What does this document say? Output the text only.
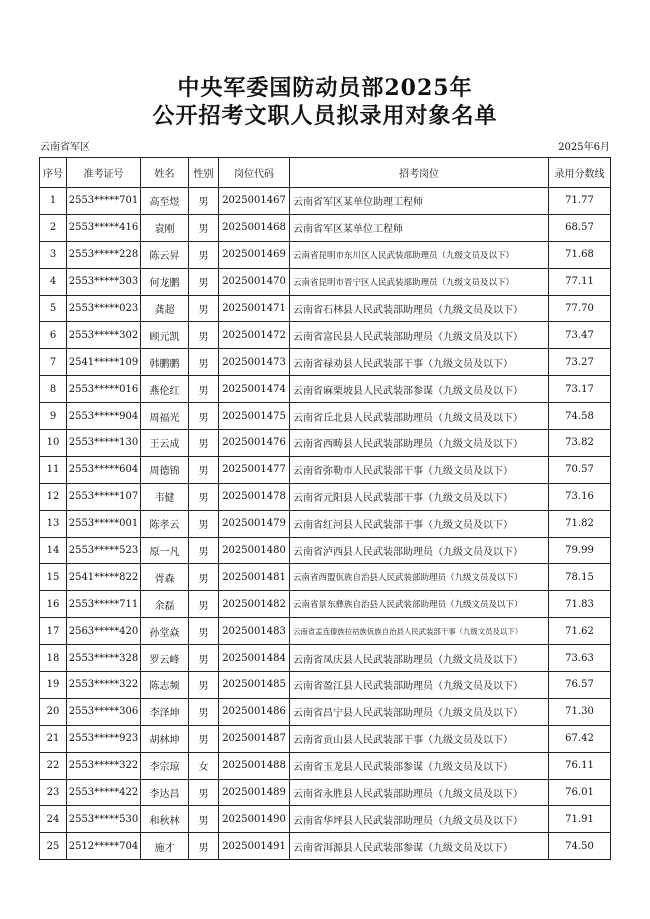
中央军委国防动员部2025年
公开招考文职人员拟录用对象名单
云南省军区	2025年6月
序号	准考证号	姓名	性别	岗位代码	招考岗位	录用分数线
1	2553*****701	高至煜	男	2025001467	云南省军区某单位助理工程师	71.77
2	2553*****416	袁刚	男	2025001468	云南省军区某单位工程师	68.57
3	2553*****228	陈云昇	男	2025001469	云南省昆明市东川区人民武装部助理员（九级文员及以下）	71.68
4	2553*****303	何龙鹏	男	2025001470	云南省昆明市晋宁区人民武装部助理员（九级文员及以下）	77.11
5	2553*****023	龚超	男	2025001471	云南省石林县人民武装部助理员（九级文员及以下）	77.70
6	2553*****302	顾元凯	男	2025001472	云南省富民县人民武装部助理员（九级文员及以下）	73.47
7	2541*****109	韩鹏鹏	男	2025001473	云南省禄劝县人民武装部干事（九级文员及以下）	73.27
8	2553*****016	燕伦红	男	2025001474	云南省麻栗坡县人民武装部参谋（九级文员及以下）	73.17
9	2553*****904	周福光	男	2025001475	云南省丘北县人民武装部助理员（九级文员及以下）	74.58
10	2553*****130	王云成	男	2025001476	云南省西畴县人民武装部助理员（九级文员及以下）	73.82
11	2553*****604	周德锦	男	2025001477	云南省弥勒市人民武装部干事（九级文员及以下）	70.57
12	2553*****107	韦健	男	2025001478	云南省元阳县人民武装部干事（九级文员及以下）	73.16
13	2553*****001	陈孝云	男	2025001479	云南省红河县人民武装部干事（九级文员及以下）	71.82
14	2553*****523	原一凡	男	2025001480	云南省泸西县人民武装部助理员（九级文员及以下）	79.99
15	2541*****822	胥森	男	2025001481	云南省西盟佤族自治县人民武装部助理员（九级文员及以下）	78.15
16	2553*****711	余磊	男	2025001482	云南省景东彝族自治县人民武装部助理员（九级文员及以下）	71.83
17	2563*****420	孙堂焱	男	2025001483	云南省孟连傣族拉祜族佤族自治县人民武装部干事（九级文员及以下）	71.62
18	2553*****328	罗云峰	男	2025001484	云南省凤庆县人民武装部助理员（九级文员及以下）	73.63
19	2553*****322	陈志频	男	2025001485	云南省盈江县人民武装部助理员（九级文员及以下）	76.57
20	2553*****306	李泽坤	男	2025001486	云南省昌宁县人民武装部助理员（九级文员及以下）	71.30
21	2553*****923	胡林坤	男	2025001487	云南省贡山县人民武装部干事（九级文员及以下）	67.42
22	2553*****322	李宗琼	女	2025001488	云南省玉龙县人民武装部参谋（九级文员及以下）	76.11
23	2553*****422	李达昌	男	2025001489	云南省永胜县人民武装部助理员（九级文员及以下）	76.01
24	2553*****530	和秋林	男	2025001490	云南省华坪县人民武装部助理员（九级文员及以下）	71.91
25	2512*****704	施才	男	2025001491	云南省洱源县人民武装部参谋（九级文员及以下）	74.50
